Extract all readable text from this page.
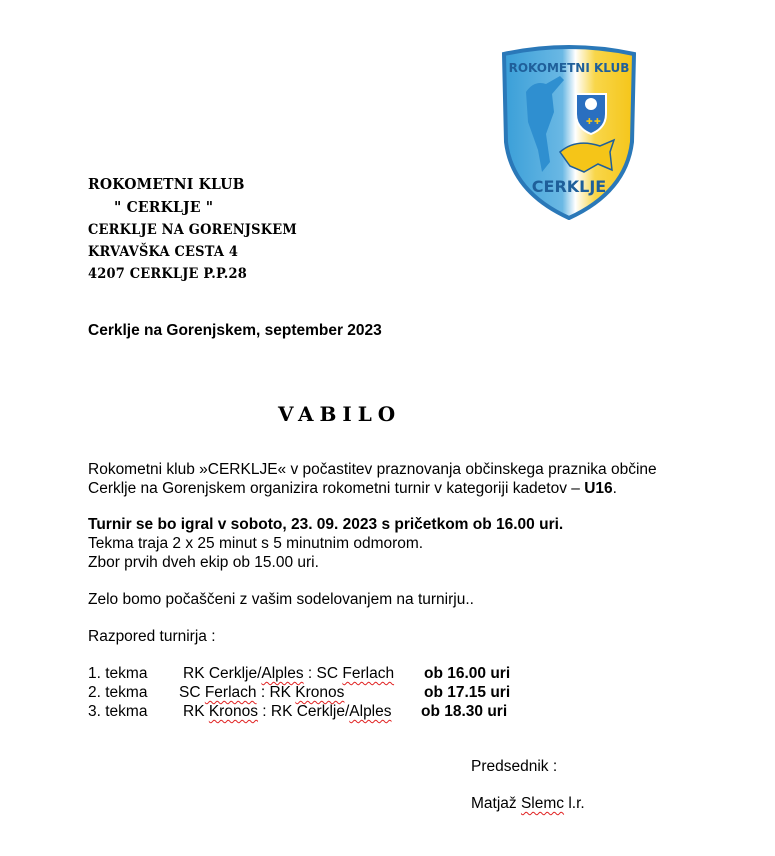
ROKOMETNI KLUB
✚ ✚
CERKLJE
ROKOMETNI KLUB
" CERKLJE "
CERKLJE NA GORENJSKEM
KRVAVŠKA CESTA 4
4207 CERKLJE P.P.28
Cerklje na Gorenjskem, september 2023
VABILO
Rokometni klub »CERKLJE« v počastitev praznovanja občinskega praznika občine
Cerklje na Gorenjskem organizira rokometni turnir v kategoriji kadetov – U16.
Turnir se bo igral v soboto, 23. 09. 2023 s pričetkom ob 16.00 uri.
Tekma traja 2 x 25 minut s 5 minutnim odmorom.
Zbor prvih dveh ekip ob 15.00 uri.
Zelo bomo počaščeni z vašim sodelovanjem na turnirju..
Razpored turnirja :
1. tekma RK Cerklje/Alples : SC Ferlach ob 16.00 uri
2. tekma SC Ferlach : RK Kronos	ob 17.15 uri
3. tekma RK Kronos : RK Cerklje/Alples ob 18.30 uri
Predsednik :
Matjaž Slemc l.r.
